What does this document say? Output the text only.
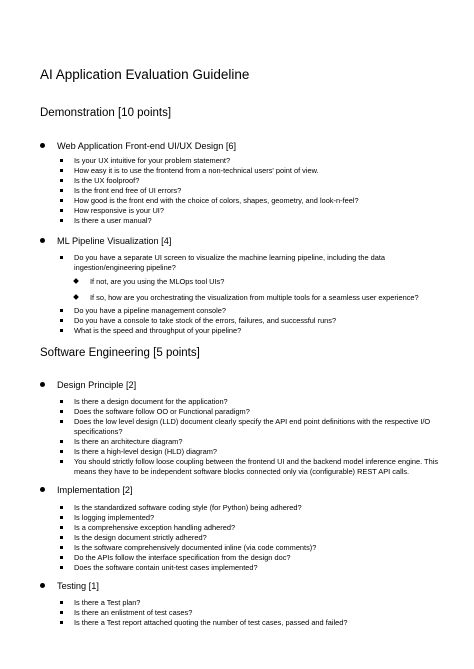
AI Application Evaluation Guideline
Demonstration [10 points]
Web Application Front-end UI/UX Design [6]
Is your UX intuitive for your problem statement?
How easy it is to use the frontend from a non-technical users' point of view.
Is the UX foolproof?
Is the front end free of UI errors?
How good is the front end with the choice of colors, shapes, geometry, and look-n-feel?
How responsive is your UI?
Is there a user manual?
ML Pipeline Visualization [4]
Do you have a separate UI screen to visualize the machine learning pipeline, including the data
ingestion/engineering pipeline?
If not, are you using the MLOps tool UIs?
If so, how are you orchestrating the visualization from multiple tools for a seamless user experience?
Do you have a pipeline management console?
Do you have a console to take stock of the errors, failures, and successful runs?
What is the speed and throughput of your pipeline?
Software Engineering [5 points]
Design Principle [2]
Is there a design document for the application?
Does the software follow OO or Functional paradigm?
Does the low level design (LLD) document clearly specify the API end point definitions with the respective I/O
specifications?
Is there an architecture diagram?
Is there a high-level design (HLD) diagram?
You should strictly follow loose coupling between the frontend UI and the backend model inference engine. This
means they have to be independent software blocks connected only via (configurable) REST API calls.
Implementation [2]
Is the standardized software coding style (for Python) being adhered?
Is logging implemented?
Is a comprehensive exception handling adhered?
Is the design document strictly adhered?
Is the software comprehensively documented inline (via code comments)?
Do the APIs follow the interface specification from the design doc?
Does the software contain unit-test cases implemented?
Testing [1]
Is there a Test plan?
Is there an enlistment of test cases?
Is there a Test report attached quoting the number of test cases, passed and failed?
